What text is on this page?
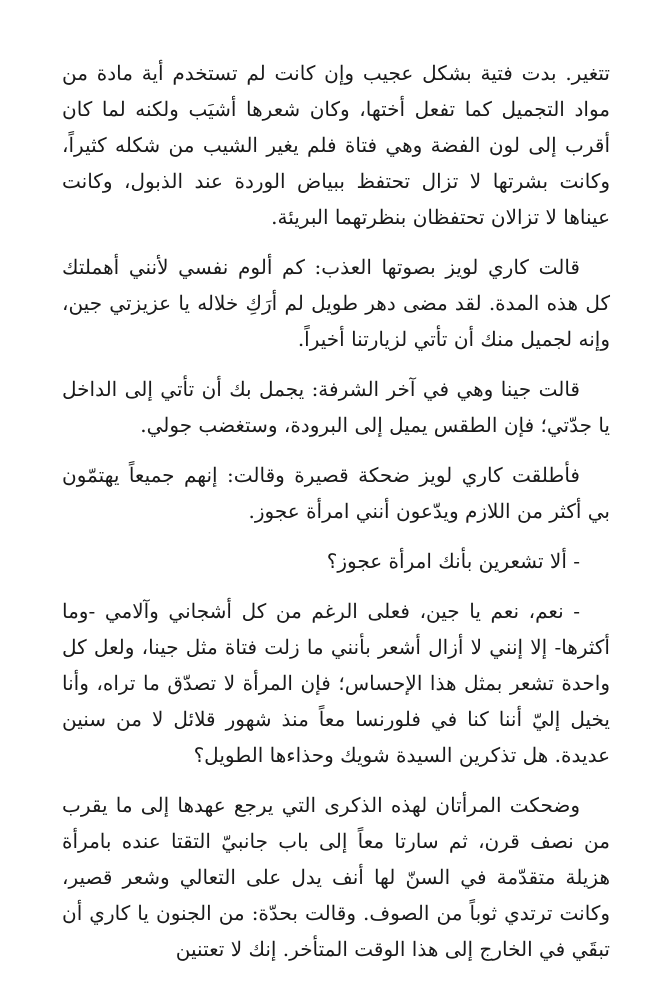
تتغير. بدت فتية بشكل عجيب وإن كانت لم تستخدم أية مادة من مواد التجميل كما تفعل أختها، وكان شعرها أشيَب ولكنه لما كان أقرب إلى لون الفضة وهي فتاة فلم يغير الشيب من شكله كثيراً، وكانت بشرتها لا تزال تحتفظ ببياض الوردة عند الذبول، وكانت عيناها لا تزالان تحتفظان بنظرتهما البريئة.

قالت كاري لويز بصوتها العذب: كم ألوم نفسي لأنني أهملتك كل هذه المدة. لقد مضى دهر طويل لم أرَكِ خلاله يا عزيزتي جين، وإنه لجميل منك أن تأتي لزيارتنا أخيراً.

قالت جينا وهي في آخر الشرفة: يجمل بك أن تأتي إلى الداخل يا جدّتي؛ فإن الطقس يميل إلى البرودة، وستغضب جولي.

فأطلقت كاري لويز ضحكة قصيرة وقالت: إنهم جميعاً يهتمّون بي أكثر من اللازم ويدّعون أنني امرأة عجوز.

- ألا تشعرين بأنك امرأة عجوز؟

- نعم، نعم يا جين، فعلى الرغم من كل أشجاني وآلامي -وما أكثرها- إلا إنني لا أزال أشعر بأنني ما زلت فتاة مثل جينا، ولعل كل واحدة تشعر بمثل هذا الإحساس؛ فإن المرأة لا تصدّق ما تراه، وأنا يخيل إليّ أننا كنا في فلورنسا معاً منذ شهور قلائل لا من سنين عديدة. هل تذكرين السيدة شويك وحذاءها الطويل؟

وضحكت المرأتان لهذه الذكرى التي يرجع عهدها إلى ما يقرب من نصف قرن، ثم سارتا معاً إلى باب جانبيّ التقتا عنده بامرأة هزيلة متقدّمة في السنّ لها أنف يدل على التعالي وشعر قصير، وكانت ترتدي ثوباً من الصوف. وقالت بحدّة: من الجنون يا كاري أن تبقَي في الخارج إلى هذا الوقت المتأخر. إنك لا تعتنين
